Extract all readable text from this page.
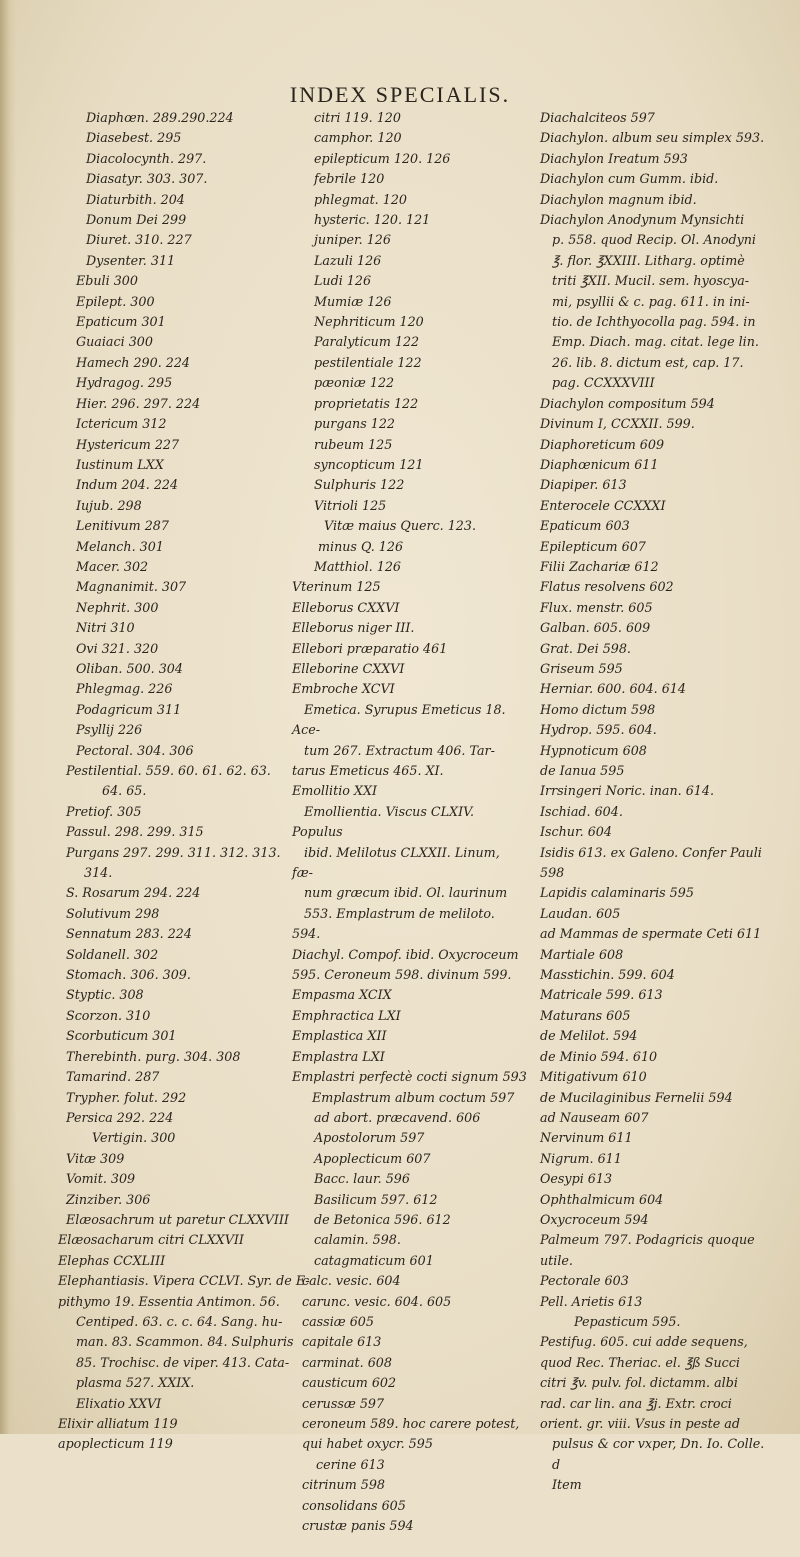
INDEX SPECIALIS.
Diaphœn. 289.290.224
Diasebest. 295
Diacolocynth. 297.
Diasatyr. 303. 307.
Diaturbith. 204
Donum Dei 299
Diuret. 310. 227
Dysenter. 311
Ebuli 300
Epilept. 300
Epaticum 301
Guaiaci 300
Hamech 290. 224
Hydragog. 295
Hier. 296. 297. 224
Ictericum 312
Hystericum 227
Iustinum LXX
Indum 204. 224
Iujub. 298
Lenitivum 287
Melanch. 301
Macer. 302
Magnanimit. 307
Nephrit. 300
Nitri 310
Ovi 321. 320
Oliban. 500. 304
Phlegmag. 226
Podagricum 311
Psyllij 226
Pectoral. 304. 306
Pestilential. 559. 60. 61. 62. 63.
64. 65.
Pretiof. 305
Passul. 298. 299. 315
Purgans 297. 299. 311. 312. 313.
314.
S. Rosarum 294. 224
Solutivum 298
Sennatum 283. 224
Soldanell. 302
Stomach. 306. 309.
Styptic. 308
Scorzon. 310
Scorbuticum 301
Therebinth. purg. 304. 308
Tamarind. 287
Trypher. folut. 292
Persica 292. 224
Vertigin. 300
Vitæ 309
Vomit. 309
Zinziber. 306
Elæosachrum ut paretur CLXXVIII
Elæosacharum citri CLXXVII
Elephas CCXLIII
Elephantiasis. Vipera CCLVI. Syr. de E-
pithymo 19. Essentia Antimon. 56.
Centiped. 63. c. c. 64. Sang. hu-
man. 83. Scammon. 84. Sulphuris
85. Trochisc. de viper. 413. Cata-
plasma 527. XXIX.
Elixatio XXVI
Elixir alliatum 119
apoplecticum 119
citri 119. 120
camphor. 120
epilepticum 120. 126
febrile 120
phlegmat. 120
hysteric. 120. 121
juniper. 126
Lazuli 126
Ludi 126
Mumiæ 126
Nephriticum 120
Paralyticum 122
pestilentiale 122
pæoniæ 122
proprietatis 122
purgans 122
rubeum 125
syncopticum 121
Sulphuris 122
Vitrioli 125
Vitæ maius Querc. 123.
minus Q. 126
Matthiol. 126
Vterinum 125
Elleborus CXXVI
Elleborus niger III.
Ellebori præparatio 461
Elleborine CXXVI
Embroche XCVI
Emetica. Syrupus Emeticus 18. Ace-
tum 267. Extractum 406. Tar-
tarus Emeticus 465. XI.
Emollitio XXI
Emollientia. Viscus CLXIV. Populus
ibid. Melilotus CLXXII. Linum, fæ-
num græcum ibid. Ol. laurinum
553. Emplastrum de meliloto. 594.
Diachyl. Compof. ibid. Oxycroceum
595. Ceroneum 598. divinum 599.
Empasma XCIX
Emphractica LXI
Emplastica XII
Emplastra LXI
Emplastri perfectè cocti signum 593
Emplastrum album coctum 597
ad abort. præcavend. 606
Apostolorum 597
Apoplecticum 607
Bacc. laur. 596
Basilicum 597. 612
de Betonica 596. 612
calamin. 598.
catagmaticum 601
calc. vesic. 604
carunc. vesic. 604. 605
cassiæ 605
capitale 613
carminat. 608
causticum 602
cerussæ 597
ceroneum 589. hoc carere potest,
qui habet oxycr. 595
cerine 613
citrinum 598
consolidans 605
crustæ panis 594
Diachalciteos 597
Diachylon. album seu simplex 593.
Diachylon Ireatum 593
Diachylon cum Gumm. ibid.
Diachylon magnum ibid.
Diachylon Anodynum Mynsichti
p. 558. quod Recip. Ol. Anodyni
℥. flor. ℥XXIII. Litharg. optimè
triti ℥XII. Mucil. sem. hyoscya-
mi, psyllii & c. pag. 611. in ini-
tio. de Ichthyocolla pag. 594. in
Emp. Diach. mag. citat. lege lin.
26. lib. 8. dictum est, cap. 17.
pag. CCXXXVIII
Diachylon compositum 594
Divinum I, CCXXII. 599.
Diaphoreticum 609
Diaphœnicum 611
Diapiper. 613
Enterocele CCXXXI
Epaticum 603
Epilepticum 607
Filii Zachariæ 612
Flatus resolvens 602
Flux. menstr. 605
Galban. 605. 609
Grat. Dei 598.
Griseum 595
Herniar. 600. 604. 614
Homo dictum 598
Hydrop. 595. 604.
Hypnoticum 608
de Ianua 595
Irrsingeri Noric. inan. 614.
Ischiad. 604.
Ischur. 604
Isidis 613. ex Galeno. Confer Pauli
598
Lapidis calaminaris 595
Laudan. 605
ad Mammas de spermate Ceti 611
Martiale 608
Masstichin. 599. 604
Matricale 599. 613
Maturans 605
de Melilot. 594
de Minio 594. 610
Mitigativum 610
de Mucilaginibus Fernelii 594
ad Nauseam 607
Nervinum 611
Nigrum. 611
Oesypi 613
Ophthalmicum 604
Oxycroceum 594
Palmeum 797. Podagricis quoque
utile.
Pectorale 603
Pell. Arietis 613
Pepasticum 595.
Pestifug. 605. cui adde sequens,
quod Rec. Theriac. el. ℥ß Succi
citri ℥v. pulv. fol. dictamm. albi
rad. car lin. ana ℥j. Extr. croci
orient. gr. viii. Vsus in peste ad
pulsus & cor vxper, Dn. Io. Colle.
d
Item
